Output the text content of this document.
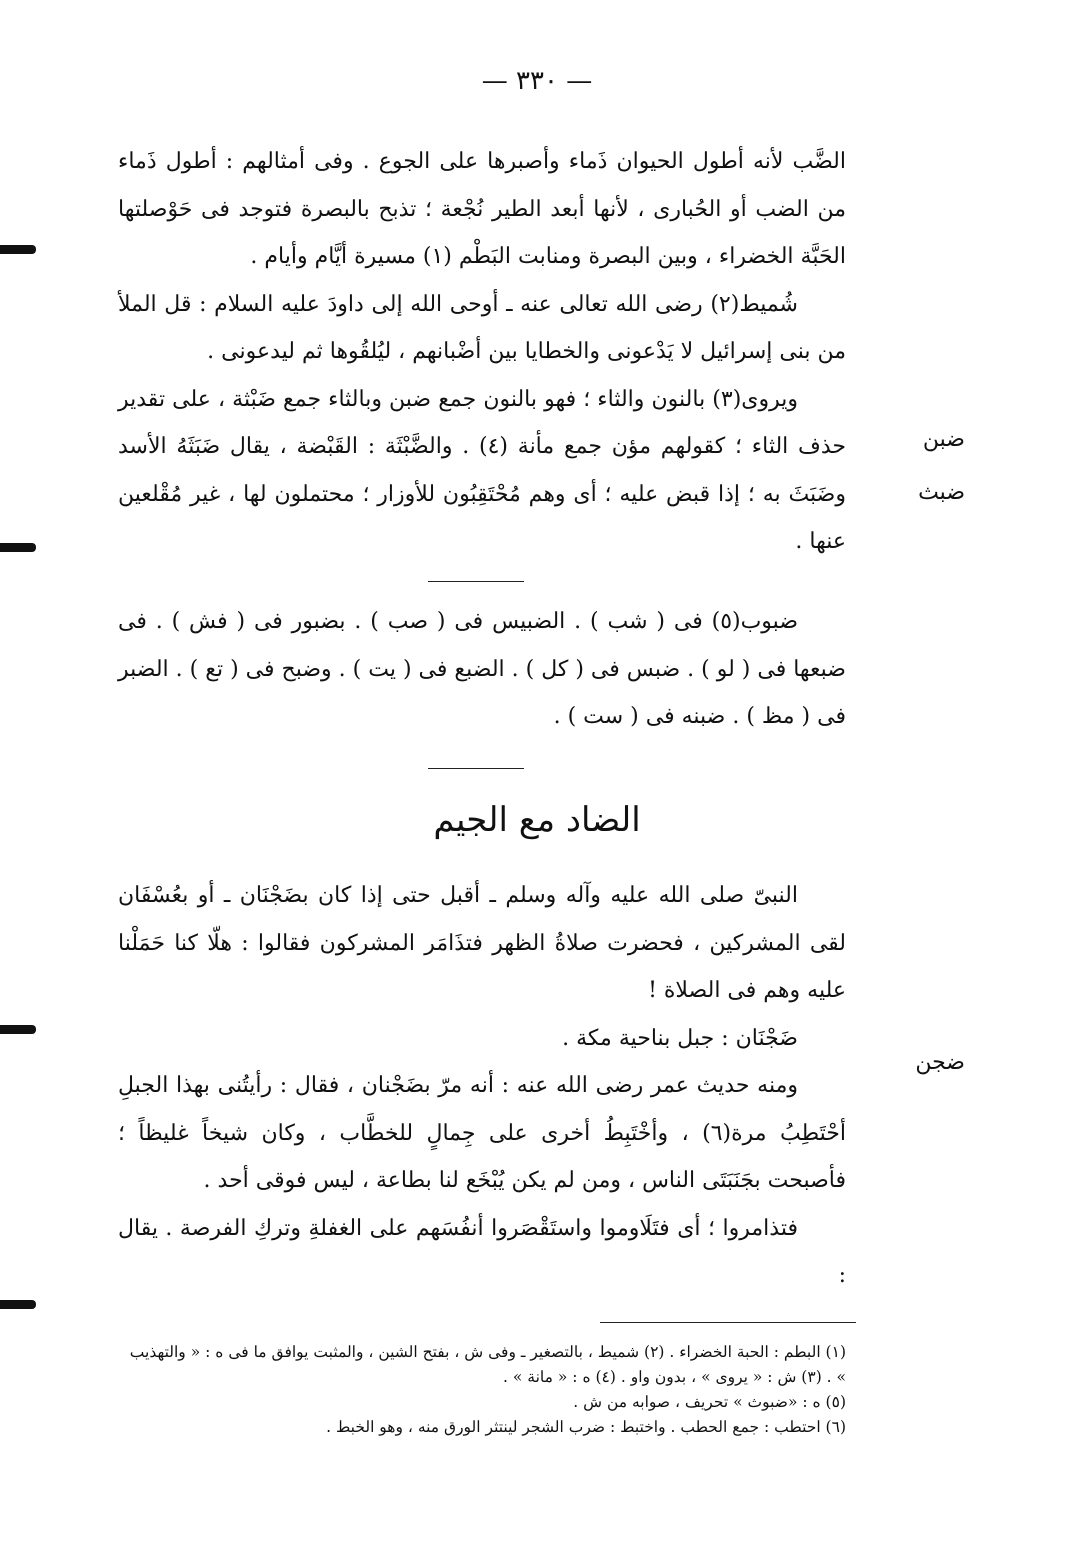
— ٣٣٠ —

الضَّب لأنه أطول الحيوان ذَماء وأصبرها على الجوع . وفى أمثالهم : أطول ذَماء من الضب أو الحُبارى ، لأنها أبعد الطير نُجْعة ؛ تذبح بالبصرة فتوجد فى حَوْصلتها الحَبَّة الخضراء ، وبين البصرة ومنابت البَطْم (١) مسيرة أيَّام وأيام .

شُميط(٢) رضى الله تعالى عنه ـ أوحى الله إلى داودَ عليه السلام : قل الملأ من بنى إسرائيل لا يَدْعونى والخطايا بين أضْبانهم ، ليُلقُوها ثم ليدعونى .

ويروى(٣) بالنون والثاء ؛ فهو بالنون جمع ضبن وبالثاء جمع ضَبْثة ، على تقدير حذف الثاء ؛ كقولهم مؤن جمع مأنة (٤) . والضَّبْثَة : القَبْضة ، يقال ضَبَثَهُ الأسد وضَبَثَ به ؛ إذا قبض عليه ؛ أى وهم مُحْتَقِبُون للأوزار ؛ محتملون لها ، غير مُقْلعين عنها .

ضبن
ضبث

ضبوب(٥) فى ( شب ) . الضبيس فى ( صب ) . بضبور فى ( فش ) . فى ضبعها فى ( لو ) . ضبس فى ( كل ) . الضبع فى ( يت ) . وضبح فى ( تع ) . الضبر فى ( مظ ) . ضبنه فى ( ست ) .

الضاد مع الجيم

النبىّ صلى الله عليه وآله وسلم ـ أقبل حتى إذا كان بضَجْنَان ـ أو بعُسْفَان لقى المشركين ، فحضرت صلاةُ الظهر فتذَامَر المشركون فقالوا : هلّا كنا حَمَلْنا عليه وهم فى الصلاة !

ضَجْنَان : جبل بناحية مكة .

ومنه حديث عمر رضى الله عنه : أنه مرّ بضَجْنان ، فقال : رأيتُنى بهذا الجبلِ أحْتَطِبُ مرة(٦) ، وأخْتَبِطُ أخرى على جِمالٍ للخطَّاب ، وكان شيخاً غليظاً ؛ فأصبحت بجَنَبَتَى الناس ، ومن لم يكن يُبْخَع لنا بطاعة ، ليس فوقى أحد .

فتذامروا ؛ أى فتَلَاوموا واستَقْصَروا أنفُسَهم على الغفلةِ وتركِ الفرصة . يقال :

ضجن

(١) البطم : الحبة الخضراء . (٢) شميط ، بالتصغير ـ وفى ش ، بفتح الشين ، والمثبت يوافق ما فى ه : « والتهذيب » . (٣) ش : « يروى » ، بدون واو . (٤) ه : « مانة » .

(٥) ه : «ضبوث » تحريف ، صوابه من ش .

(٦) احتطب : جمع الحطب . واختبط : ضرب الشجر لينتثر الورق منه ، وهو الخبط .
